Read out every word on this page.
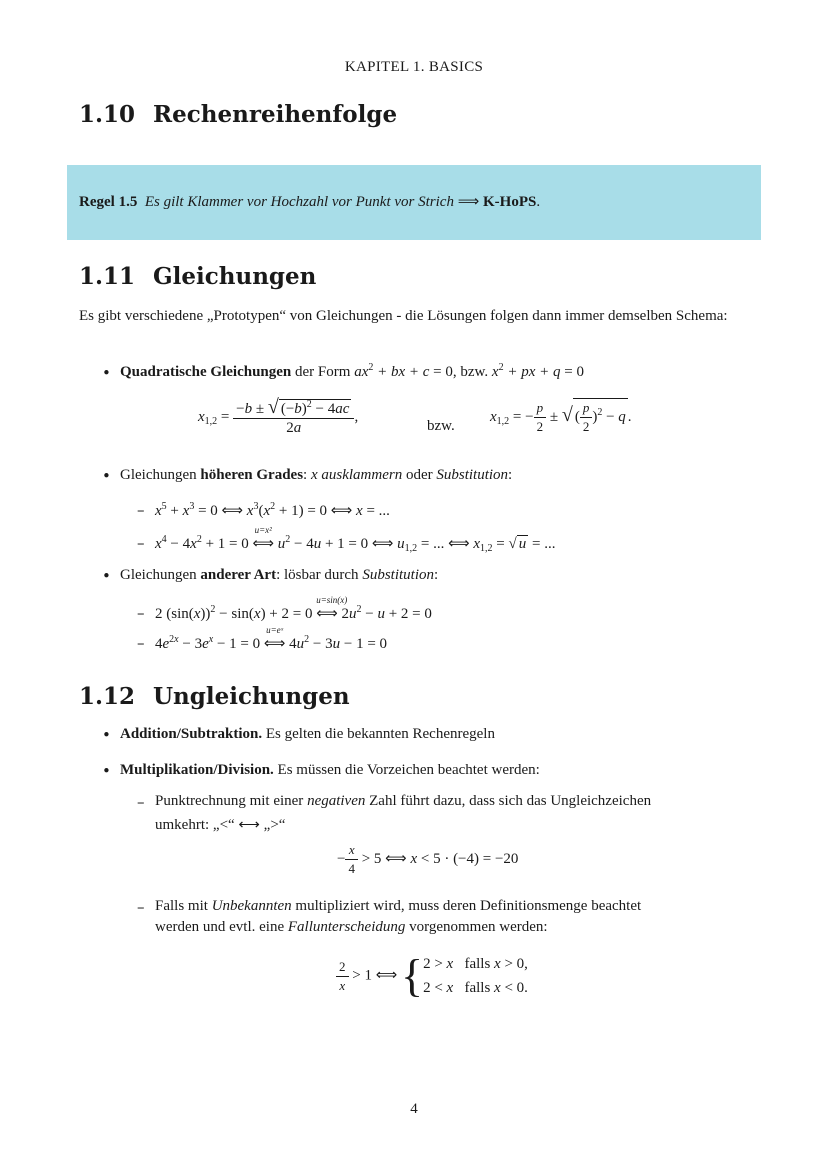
KAPITEL 1. BASICS
1.10 Rechenreihenfolge
Regel 1.5 Es gilt Klammer vor Hochzahl vor Punkt vor Strich ⟹ K-HoPS.
1.11 Gleichungen
Es gibt verschiedene „Prototypen“ von Gleichungen - die Lösungen folgen dann immer demselben Schema:
• Quadratische Gleichungen der Form $ax^2$ + bx + c = 0, bzw. $x^2$ + px + q = 0
$x_{1,2} = \frac{-b \pm √ (-b)^2 - 4ac}{2a}$ ,
bzw.
$x_{1,2}$ = − $\frac{p}{2}$ ± √ ( $\frac{p}{2} )^2 - q$ .
• Gleichungen höheren Grades: x ausklammern oder Substitution:
– $x^5 + x^3 = 0$ ⟺ $x^3(x^2 + 1) = 0$ ⟺ x = ...
– $x^4 - 4x^2 + 1 = 0$
u=x²
⟺ $u^2 - 4u + 1 = 0$ ⟺ $u_{1,2}$ = ... ⟺ $x_{1,2}$ = √ u = ...
• Gleichungen anderer Art: lösbar durch Substitution:
– 2 $(\sin(x))^2 - \sin(x) + 2 = 0$
u=sin(x)
⟺ $2u^2 - u + 2 = 0$
– $4e^{2x} - 3e^x - 1 = 0$
u=eˣ
⟺ $4u^2 - 3u - 1 = 0$
1.12 Ungleichungen
• Addition/Subtraktion. Es gelten die bekannten Rechenregeln
• Multiplikation/Division. Es müssen die Vorzeichen beachtet werden:
– Punktrechnung mit einer negativen Zahl führt dazu, dass sich das Ungleichzeichen
umkehrt: „<“ ⟷ „>“
− $\frac{x}{4} > 5$ ⟺ x < 5 · (−4) = −20
– Falls mit Unbekannten multipliziert wird, muss deren Definitionsmenge beachtet
werden und evtl. eine Fallunterscheidung vorgenommen werden:
$\frac{2}{x} > 1$ ⟺ { 2 > x falls x > 0,
2 < x falls x < 0.
4
